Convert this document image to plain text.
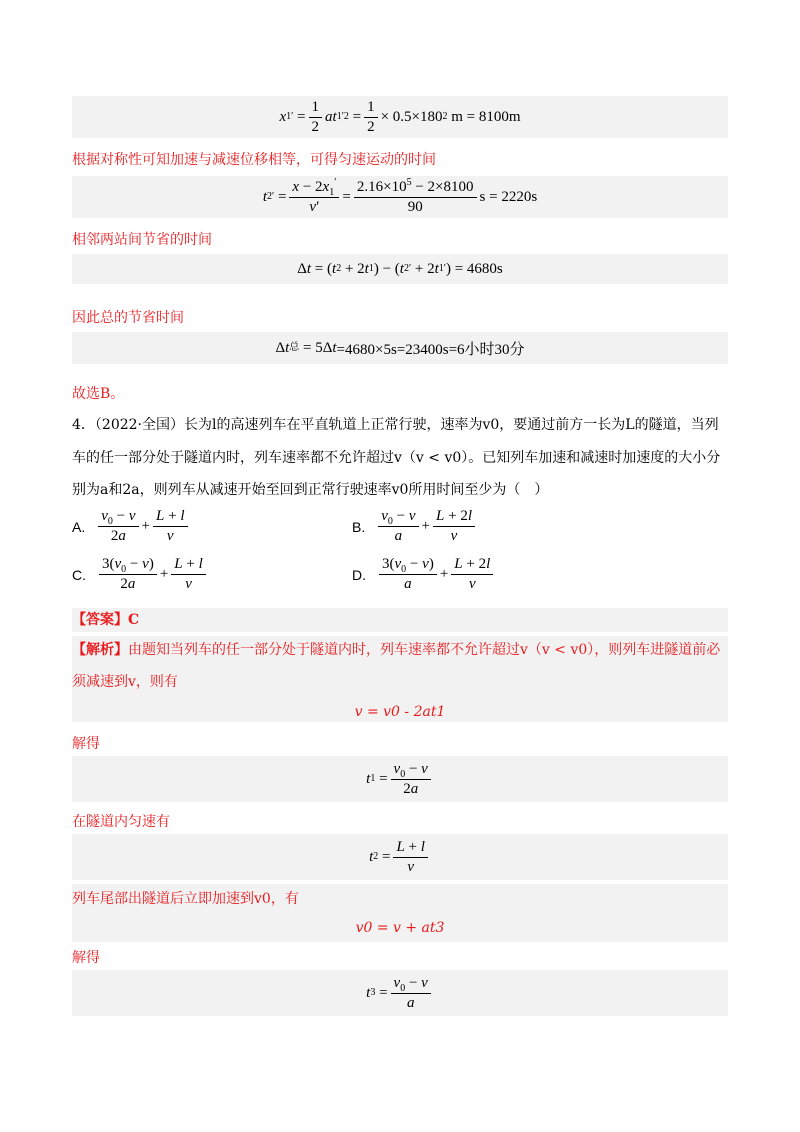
x 1 ′ = $\frac{1}{2}$ at 1 $'2 = \frac{1}{2} \times 0.5\times 180$ 2 m = 8100m
根据对称性可知加速与减速位移相等，可得匀速运动的时间
t 2 ′ = $\frac{x - 2x_1'}{v'} = \frac{2.16\times 10^5 - 2\times 8100}{90}$ s = 2220s
相邻两站间节省的时间
Δ t = ( t 2 + 2 t 1 ) − ( t 2 ′ + 2 t 1 ′ ) = 4680s
因此总的节省时间
Δ t 总 = 5Δ t =4680×5s=23400s=6小时30分
故选B。
4．（2022·全国）长为l的高速列车在平直轨道上正常行驶，速率为v0，要通过前方一长为L的隧道，当列
车的任一部分处于隧道内时，列车速率都不允许超过v（v < v0）。已知列车加速和减速时加速度的大小分
别为a和2a，则列车从减速开始至回到正常行驶速率v0所用时间至少为（　）
A. $\frac{v_0 - v}{2a} + \frac{L + l}{v}$	B. $\frac{v_0 - v}{a} + \frac{L + 2l}{v}$
C. $\frac{3(v_0 - v)}{2a} + \frac{L + l}{v}$	D. $\frac{3(v_0 - v)}{a} + \frac{L + 2l}{v}$
【答案】C
【解析】由题知当列车的任一部分处于隧道内时，列车速率都不允许超过v（v < v0），则列车进隧道前必
须减速到v，则有
v = v0 - 2at1
解得
t $1 = \frac{v_0 - v}{2a}$
在隧道内匀速有
t $2 = \frac{L + l}{v}$
列车尾部出隧道后立即加速到v0，有
v0 = v + at3
解得
t $3 = \frac{v_0 - v}{a}$
